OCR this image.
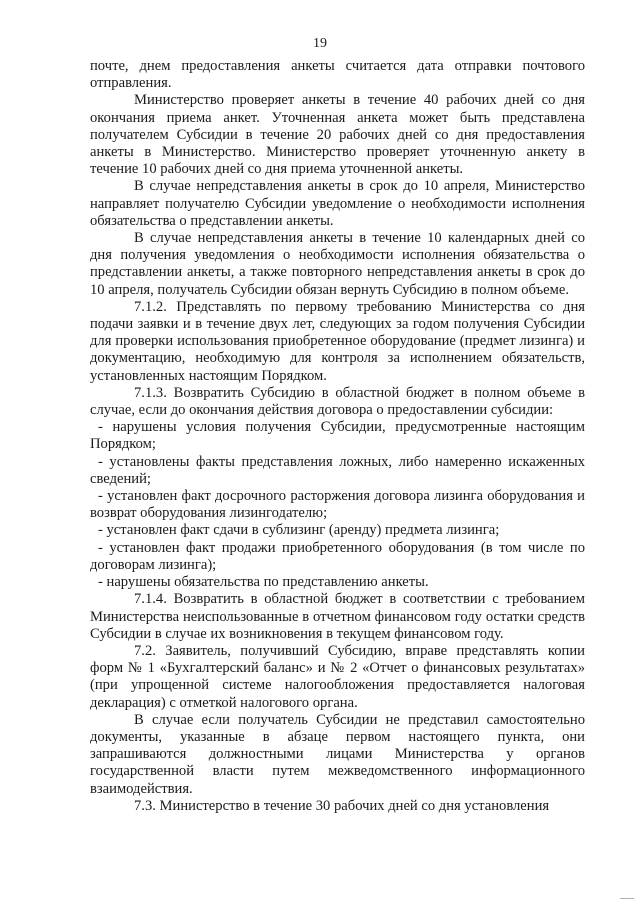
19

почте, днем предоставления анкеты считается дата отправки почтового отправления.

Министерство проверяет анкеты в течение 40 рабочих дней со дня окончания приема анкет. Уточненная анкета может быть представлена получателем Субсидии в течение 20 рабочих дней со дня предоставления анкеты в Министерство. Министерство проверяет уточненную анкету в течение 10 рабочих дней со дня приема уточненной анкеты.

В случае непредставления анкеты в срок до 10 апреля, Министерство направляет получателю Субсидии уведомление о необходимости исполнения обязательства о представлении анкеты.

В случае непредставления анкеты в течение 10 календарных дней со дня получения уведомления о необходимости исполнения обязательства о представлении анкеты, а также повторного непредставления анкеты в срок до 10 апреля, получатель Субсидии обязан вернуть Субсидию в полном объеме.

7.1.2. Представлять по первому требованию Министерства со дня подачи заявки и в течение двух лет, следующих за годом получения Субсидии для проверки использования приобретенное оборудование (предмет лизинга) и документацию, необходимую для контроля за исполнением обязательств, установленных настоящим Порядком.

7.1.3. Возвратить Субсидию в областной бюджет в полном объеме в случае, если до окончания действия договора о предоставлении субсидии:

- нарушены условия получения Субсидии, предусмотренные настоящим Порядком;

- установлены факты представления ложных, либо намеренно искаженных сведений;

- установлен факт досрочного расторжения договора лизинга оборудования и возврат оборудования лизингодателю;

- установлен факт сдачи в сублизинг (аренду) предмета лизинга;

- установлен факт продажи приобретенного оборудования (в том числе по договорам лизинга);

- нарушены обязательства по представлению анкеты.

7.1.4. Возвратить в областной бюджет в соответствии с требованием Министерства неиспользованные в отчетном финансовом году остатки средств Субсидии в случае их возникновения в текущем финансовом году.

7.2. Заявитель, получивший Субсидию, вправе представлять копии форм № 1 «Бухгалтерский баланс» и № 2 «Отчет о финансовых результатах» (при упрощенной системе налогообложения предоставляется налоговая декларация) с отметкой налогового органа.

В случае если получатель Субсидии не представил самостоятельно документы, указанные в абзаце первом настоящего пункта, они запрашиваются должностными лицами Министерства у органов государственной власти путем межведомственного информационного взаимодействия.

7.3. Министерство в течение 30 рабочих дней со дня установления
